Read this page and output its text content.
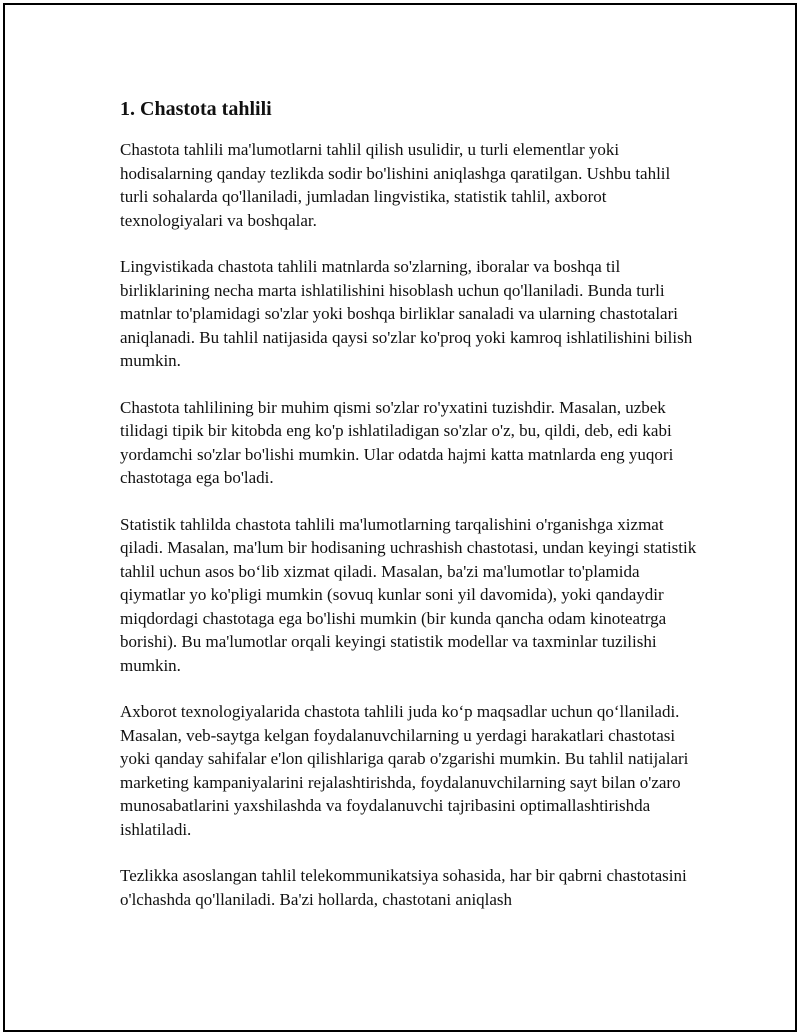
1. Chastota tahlili

Chastota tahlili ma'lumotlarni tahlil qilish usulidir, u turli elementlar yoki hodisalarning qanday tezlikda sodir bo'lishini aniqlashga qaratilgan. Ushbu tahlil turli sohalarda qo'llaniladi, jumladan lingvistika, statistik tahlil, axborot texnologiyalari va boshqalar.

Lingvistikada chastota tahlili matnlarda so'zlarning, iboralar va boshqa til birliklarining necha marta ishlatilishini hisoblash uchun qo'llaniladi. Bunda turli matnlar to'plamidagi so'zlar yoki boshqa birliklar sanaladi va ularning chastotalari aniqlanadi. Bu tahlil natijasida qaysi so'zlar ko'proq yoki kamroq ishlatilishini bilish mumkin.

Chastota tahlilining bir muhim qismi so'zlar ro'yxatini tuzishdir. Masalan, uzbek tilidagi tipik bir kitobda eng ko'p ishlatiladigan so'zlar o'z, bu, qildi, deb, edi kabi yordamchi so'zlar bo'lishi mumkin. Ular odatda hajmi katta matnlarda eng yuqori chastotaga ega bo'ladi.

Statistik tahlilda chastota tahlili ma'lumotlarning tarqalishini o'rganishga xizmat qiladi. Masalan, ma'lum bir hodisaning uchrashish chastotasi, undan keyingi statistik tahlil uchun asos bo‘lib xizmat qiladi. Masalan, ba'zi ma'lumotlar to'plamida qiymatlar yo ko'pligi mumkin (sovuq kunlar soni yil davomida), yoki qandaydir miqdordagi chastotaga ega bo'lishi mumkin (bir kunda qancha odam kinoteatrga borishi). Bu ma'lumotlar orqali keyingi statistik modellar va taxminlar tuzilishi mumkin.

Axborot texnologiyalarida chastota tahlili juda ko‘p maqsadlar uchun qo‘llaniladi. Masalan, veb-saytga kelgan foydalanuvchilarning u yerdagi harakatlari chastotasi yoki qanday sahifalar e'lon qilishlariga qarab o'zgarishi mumkin. Bu tahlil natijalari marketing kampaniyalarini rejalashtirishda, foydalanuvchilarning sayt bilan o'zaro munosabatlarini yaxshilashda va foydalanuvchi tajribasini optimallashtirishda ishlatiladi.

Tezlikka asoslangan tahlil telekommunikatsiya sohasida, har bir qabrni chastotasini o'lchashda qo'llaniladi. Ba'zi hollarda, chastotani aniqlash
